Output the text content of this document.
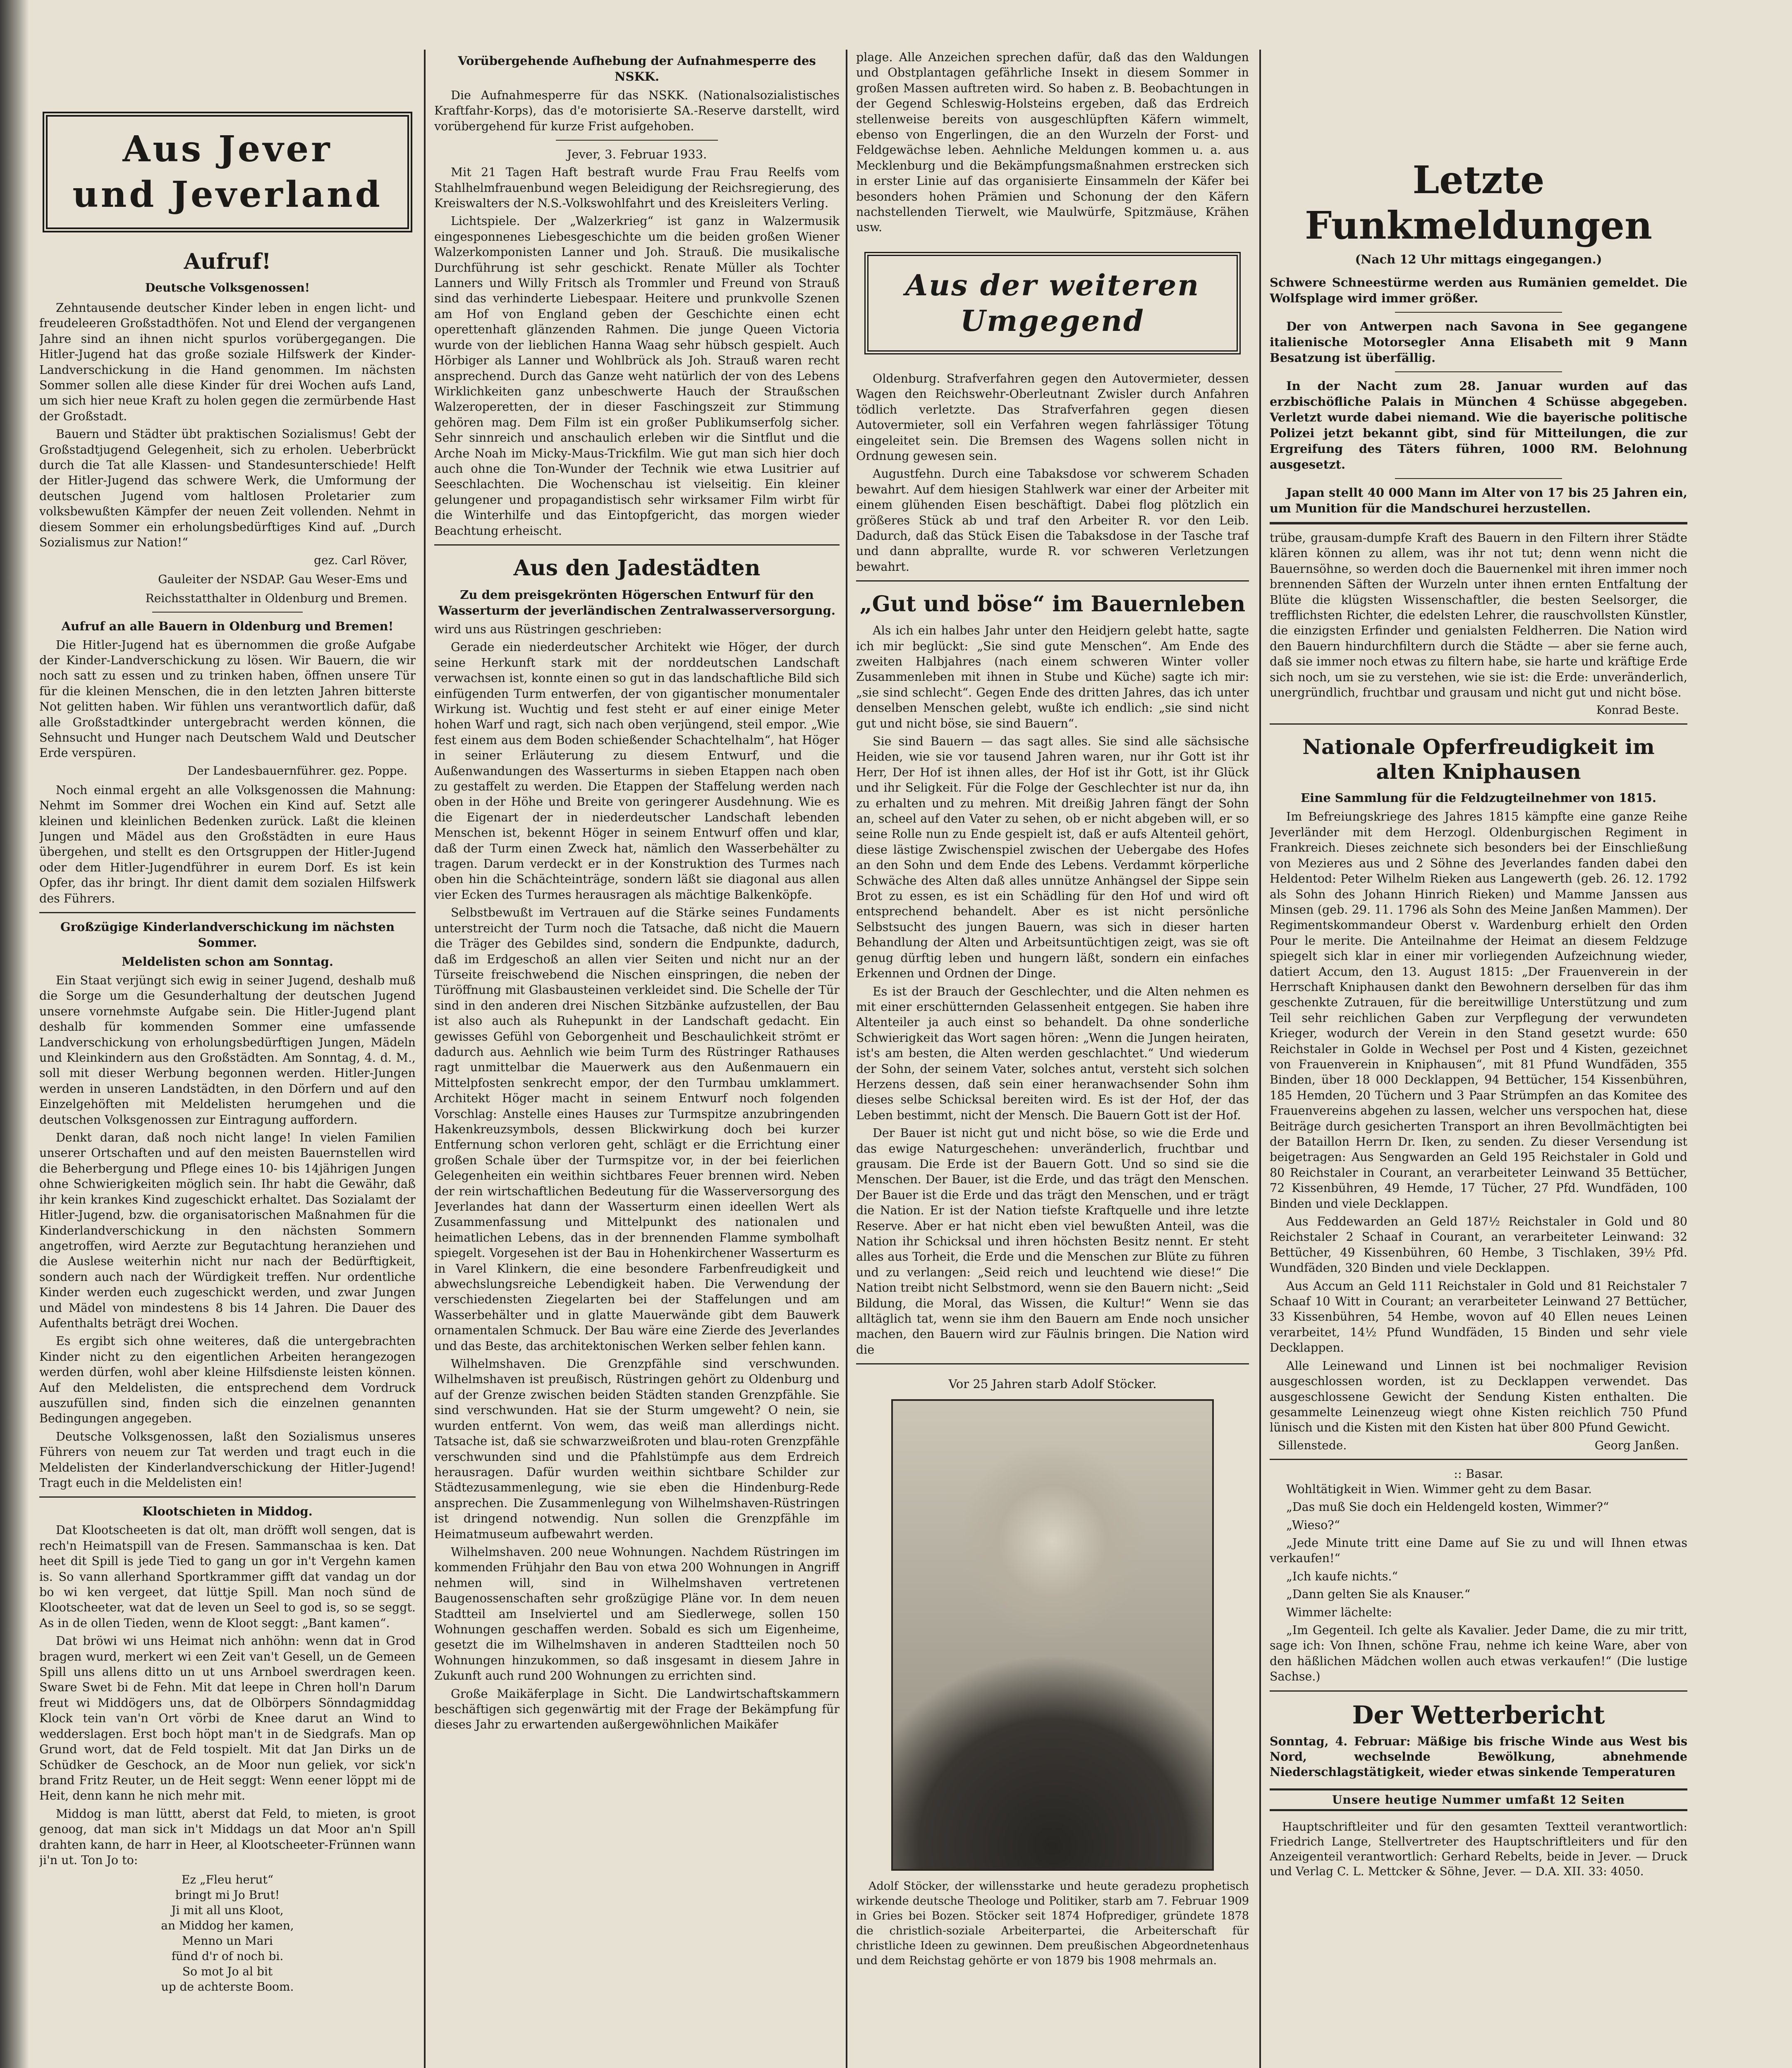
Aus Jever
und Jeverland
Aufruf!
Deutsche Volksgenossen!

Zehntausende deutscher Kinder leben in engen licht- und freudeleeren Großstadthöfen. Not und Elend der vergangenen Jahre sind an ihnen nicht spurlos vorübergegangen. Die Hitler-Jugend hat das große soziale Hilfswerk der Kinder-Landverschickung in die Hand genommen. Im nächsten Sommer sollen alle diese Kinder für drei Wochen aufs Land, um sich hier neue Kraft zu holen gegen die zermürbende Hast der Großstadt.

Bauern und Städter übt praktischen Sozialismus! Gebt der Großstadtjugend Gelegenheit, sich zu erholen. Ueberbrückt durch die Tat alle Klassen- und Standesunterschiede! Helft der Hitler-Jugend das schwere Werk, die Umformung der deutschen Jugend vom haltlosen Proletarier zum volksbewußten Kämpfer der neuen Zeit vollenden. Nehmt in diesem Sommer ein erholungsbedürftiges Kind auf. „Durch Sozialismus zur Nation!“

gez. Carl Röver,
Gauleiter der NSDAP. Gau Weser-Ems und
Reichsstatthalter in Oldenburg und Bremen.
Aufruf an alle Bauern in Oldenburg und Bremen!

Die Hitler-Jugend hat es übernommen die große Aufgabe der Kinder-Landverschickung zu lösen. Wir Bauern, die wir noch satt zu essen und zu trinken haben, öffnen unsere Tür für die kleinen Menschen, die in den letzten Jahren bitterste Not gelitten haben. Wir fühlen uns verantwortlich dafür, daß alle Großstadtkinder untergebracht werden können, die Sehnsucht und Hunger nach Deutschem Wald und Deutscher Erde verspüren.

Der Landesbauernführer. gez. Poppe.

Noch einmal ergeht an alle Volksgenossen die Mahnung: Nehmt im Sommer drei Wochen ein Kind auf. Setzt alle kleinen und kleinlichen Bedenken zurück. Laßt die kleinen Jungen und Mädel aus den Großstädten in eure Haus übergehen, und stellt es den Ortsgruppen der Hitler-Jugend oder dem Hitler-Jugendführer in eurem Dorf. Es ist kein Opfer, das ihr bringt. Ihr dient damit dem sozialen Hilfswerk des Führers.

Großzügige Kinderlandverschickung im nächsten Sommer.
Meldelisten schon am Sonntag.

Ein Staat verjüngt sich ewig in seiner Jugend, deshalb muß die Sorge um die Gesunderhaltung der deutschen Jugend unsere vornehmste Aufgabe sein. Die Hitler-Jugend plant deshalb für kommenden Sommer eine umfassende Landverschickung von erholungsbedürftigen Jungen, Mädeln und Kleinkindern aus den Großstädten. Am Sonntag, 4. d. M., soll mit dieser Werbung begonnen werden. Hitler-Jungen werden in unseren Landstädten, in den Dörfern und auf den Einzelgehöften mit Meldelisten herumgehen und die deutschen Volksgenossen zur Eintragung auffordern.

Denkt daran, daß noch nicht lange! In vielen Familien unserer Ortschaften und auf den meisten Bauernstellen wird die Beherbergung und Pflege eines 10- bis 14jährigen Jungen ohne Schwierigkeiten möglich sein. Ihr habt die Gewähr, daß ihr kein krankes Kind zugeschickt erhaltet. Das Sozialamt der Hitler-Jugend, bzw. die organisatorischen Maßnahmen für die Kinderlandverschickung in den nächsten Sommern angetroffen, wird Aerzte zur Begutachtung heranziehen und die Auslese weiterhin nicht nur nach der Bedürftigkeit, sondern auch nach der Würdigkeit treffen. Nur ordentliche Kinder werden euch zugeschickt werden, und zwar Jungen und Mädel von mindestens 8 bis 14 Jahren. Die Dauer des Aufenthalts beträgt drei Wochen.

Es ergibt sich ohne weiteres, daß die untergebrachten Kinder nicht zu den eigentlichen Arbeiten herangezogen werden dürfen, wohl aber kleine Hilfsdienste leisten können. Auf den Meldelisten, die entsprechend dem Vordruck auszufüllen sind, finden sich die einzelnen genannten Bedingungen angegeben.

Deutsche Volksgenossen, laßt den Sozialismus unseres Führers von neuem zur Tat werden und tragt euch in die Meldelisten der Kinderlandverschickung der Hitler-Jugend! Tragt euch in die Meldelisten ein!

Klootschieten in Middog.

Dat Klootscheeten is dat olt, man dröfft woll sengen, dat is rech'n Heimatspill van de Fresen. Sammanschaa is ken. Dat heet dit Spill is jede Tied to gang un gor in't Vergehn kamen is. So vann allerhand Sportkrammer gifft dat vandag un dor bo wi ken vergeet, dat lüttje Spill. Man noch sünd de Klootscheeter, wat dat de leven un Seel to god is, so se seggt. As in de ollen Tieden, wenn de Kloot seggt: „Bant kamen“.

Dat bröwi wi uns Heimat nich anhöhn: wenn dat in Grod bragen wurd, merkert wi een Zeit van't Gesell, un de Gemeen Spill uns allens ditto un ut uns Arnboel swerdragen keen. Sware Swet bi de Fehn. Mit dat leepe in Chren holl'n Darum freut wi Middögers uns, dat de Olbörpers Sönndagmiddag Klock tein van'n Ort vörbi de Knee darut an Wind to wedderslagen. Erst boch höpt man't in de Siedgrafs. Man op Grund wort, dat de Feld tospielt. Mit dat Jan Dirks un de Schüdker de Geschock, an de Moor nun geliek, vor sick'n brand Fritz Reuter, un de Heit seggt: Wenn eener löppt mi de Heit, denn kann he nich mehr mit.

Middog is man lüttt, aberst dat Feld, to mieten, is groot genoog, dat man sick in't Middags un dat Moor an'n Spill drahten kann, de harr in Heer, al Klootscheeter-Frünnen wann ji'n ut. Ton Jo to:

Ez „Fleu herut“
bringt mi Jo Brut!
Ji mit all uns Kloot,
an Middog her kamen,
Menno un Mari
fünd d'r of noch bi.
So mot Jo al bit
up de achterste Boom.
Vorübergehende Aufhebung der Aufnahmesperre des NSKK.

Die Aufnahmesperre für das NSKK. (Nationalsozialistisches Kraftfahr-Korps), das d'e motorisierte SA.-Reserve darstellt, wird vorübergehend für kurze Frist aufgehoben.

Jever, 3. Februar 1933.

Mit 21 Tagen Haft bestraft wurde Frau Frau Reelfs vom Stahlhelmfrauenbund wegen Beleidigung der Reichsregierung, des Kreiswalters der N.S.-Volkswohlfahrt und des Kreisleiters Verling.

Lichtspiele. Der „Walzerkrieg“ ist ganz in Walzermusik eingesponnenes Liebesgeschichte um die beiden großen Wiener Walzerkomponisten Lanner und Joh. Strauß. Die musikalische Durchführung ist sehr geschickt. Renate Müller als Tochter Lanners und Willy Fritsch als Trommler und Freund von Strauß sind das verhinderte Liebespaar. Heitere und prunkvolle Szenen am Hof von England geben der Geschichte einen echt operettenhaft glänzenden Rahmen. Die junge Queen Victoria wurde von der lieblichen Hanna Waag sehr hübsch gespielt. Auch Hörbiger als Lanner und Wohlbrück als Joh. Strauß waren recht ansprechend. Durch das Ganze weht natürlich der von des Lebens Wirklichkeiten ganz unbeschwerte Hauch der Straußschen Walzeroperetten, der in dieser Faschingszeit zur Stimmung gehören mag. Dem Film ist ein großer Publikumserfolg sicher. Sehr sinnreich und anschaulich erleben wir die Sintflut und die Arche Noah im Micky-Maus-Trickfilm. Wie gut man sich hier doch auch ohne die Ton-Wunder der Technik wie etwa Lusitrier auf Seeschlachten. Die Wochenschau ist vielseitig. Ein kleiner gelungener und propagandistisch sehr wirksamer Film wirbt für die Winterhilfe und das Eintopfgericht, das morgen wieder Beachtung erheischt.

Aus den Jadestädten
Zu dem preisgekrönten Högerschen Entwurf für den Wasserturm der jeverländischen Zentralwasserversorgung.

wird uns aus Rüstringen geschrieben:

Gerade ein niederdeutscher Architekt wie Höger, der durch seine Herkunft stark mit der norddeutschen Landschaft verwachsen ist, konnte einen so gut in das landschaftliche Bild sich einfügenden Turm entwerfen, der von gigantischer monumentaler Wirkung ist. Wuchtig und fest steht er auf einer einige Meter hohen Warf und ragt, sich nach oben verjüngend, steil empor. „Wie fest einem aus dem Boden schießender Schachtelhalm“, hat Höger in seiner Erläuterung zu diesem Entwurf, und die Außenwandungen des Wasserturms in sieben Etappen nach oben zu gestaffelt zu werden. Die Etappen der Staffelung werden nach oben in der Höhe und Breite von geringerer Ausdehnung. Wie es die Eigenart der in niederdeutscher Landschaft lebenden Menschen ist, bekennt Höger in seinem Entwurf offen und klar, daß der Turm einen Zweck hat, nämlich den Wasserbehälter zu tragen. Darum verdeckt er in der Konstruktion des Turmes nach oben hin die Schächteinträge, sondern läßt sie diagonal aus allen vier Ecken des Turmes herausragen als mächtige Balkenköpfe.

Selbstbewußt im Vertrauen auf die Stärke seines Fundaments unterstreicht der Turm noch die Tatsache, daß nicht die Mauern die Träger des Gebildes sind, sondern die Endpunkte, dadurch, daß im Erdgeschoß an allen vier Seiten und nicht nur an der Türseite freischwebend die Nischen einspringen, die neben der Türöffnung mit Glasbausteinen verkleidet sind. Die Schelle der Tür sind in den anderen drei Nischen Sitzbänke aufzustellen, der Bau ist also auch als Ruhepunkt in der Landschaft gedacht. Ein gewisses Gefühl von Geborgenheit und Beschaulichkeit strömt er dadurch aus. Aehnlich wie beim Turm des Rüstringer Rathauses ragt unmittelbar die Mauerwerk aus den Außenmauern ein Mittelpfosten senkrecht empor, der den Turmbau umklammert. Architekt Höger macht in seinem Entwurf noch folgenden Vorschlag: Anstelle eines Hauses zur Turmspitze anzubringenden Hakenkreuzsymbols, dessen Blickwirkung doch bei kurzer Entfernung schon verloren geht, schlägt er die Errichtung einer großen Schale über der Turmspitze vor, in der bei feierlichen Gelegenheiten ein weithin sichtbares Feuer brennen wird. Neben der rein wirtschaftlichen Bedeutung für die Wasserversorgung des Jeverlandes hat dann der Wasserturm einen ideellen Wert als Zusammenfassung und Mittelpunkt des nationalen und heimatlichen Lebens, das in der brennenden Flamme symbolhaft spiegelt. Vorgesehen ist der Bau in Hohenkirchener Wasserturm es in Varel Klinkern, die eine besondere Farbenfreudigkeit und abwechslungsreiche Lebendigkeit haben. Die Verwendung der verschiedensten Ziegelarten bei der Staffelungen und am Wasserbehälter und in glatte Mauerwände gibt dem Bauwerk ornamentalen Schmuck. Der Bau wäre eine Zierde des Jeverlandes und das Beste, das architektonischen Werken selber fehlen kann.

Wilhelmshaven. Die Grenzpfähle sind verschwunden. Wilhelmshaven ist preußisch, Rüstringen gehört zu Oldenburg und auf der Grenze zwischen beiden Städten standen Grenzpfähle. Sie sind verschwunden. Hat sie der Sturm umgeweht? O nein, sie wurden entfernt. Von wem, das weiß man allerdings nicht. Tatsache ist, daß sie schwarzweißroten und blau-roten Grenzpfähle verschwunden sind und die Pfahlstümpfe aus dem Erdreich herausragen. Dafür wurden weithin sichtbare Schilder zur Städtezusammenlegung, wie sie eben die Hindenburg-Rede ansprechen. Die Zusammenlegung von Wilhelmshaven-Rüstringen ist dringend notwendig. Nun sollen die Grenzpfähle im Heimatmuseum aufbewahrt werden.

Wilhelmshaven. 200 neue Wohnungen. Nachdem Rüstringen im kommenden Frühjahr den Bau von etwa 200 Wohnungen in Angriff nehmen will, sind in Wilhelmshaven vertretenen Baugenossenschaften sehr großzügige Pläne vor. In dem neuen Stadtteil am Inselviertel und am Siedlerwege, sollen 150 Wohnungen geschaffen werden. Sobald es sich um Eigenheime, gesetzt die im Wilhelmshaven in anderen Stadtteilen noch 50 Wohnungen hinzukommen, so daß insgesamt in diesem Jahre in Zukunft auch rund 200 Wohnungen zu errichten sind.

Große Maikäferplage in Sicht. Die Landwirtschaftskammern beschäftigen sich gegenwärtig mit der Frage der Bekämpfung für dieses Jahr zu erwartenden außergewöhnlichen Maikäfer

plage. Alle Anzeichen sprechen dafür, daß das den Waldungen und Obstplantagen gefährliche Insekt in diesem Sommer in großen Massen auftreten wird. So haben z. B. Beobachtungen in der Gegend Schleswig-Holsteins ergeben, daß das Erdreich stellenweise bereits von ausgeschlüpften Käfern wimmelt, ebenso von Engerlingen, die an den Wurzeln der Forst- und Feldgewächse leben. Aehnliche Meldungen kommen u. a. aus Mecklenburg und die Bekämpfungsmaßnahmen erstrecken sich in erster Linie auf das organisierte Einsammeln der Käfer bei besonders hohen Prämien und Schonung der den Käfern nachstellenden Tierwelt, wie Maulwürfe, Spitzmäuse, Krähen usw.

Aus der weiteren
Umgegend

Oldenburg. Strafverfahren gegen den Autovermieter, dessen Wagen den Reichswehr-Oberleutnant Zwisler durch Anfahren tödlich verletzte. Das Strafverfahren gegen diesen Autovermieter, soll ein Verfahren wegen fahrlässiger Tötung eingeleitet sein. Die Bremsen des Wagens sollen nicht in Ordnung gewesen sein.

Augustfehn. Durch eine Tabaksdose vor schwerem Schaden bewahrt. Auf dem hiesigen Stahlwerk war einer der Arbeiter mit einem glühenden Eisen beschäftigt. Dabei flog plötzlich ein größeres Stück ab und traf den Arbeiter R. vor den Leib. Dadurch, daß das Stück Eisen die Tabaksdose in der Tasche traf und dann abprallte, wurde R. vor schweren Verletzungen bewahrt.

„Gut und böse“ im Bauernleben

Als ich ein halbes Jahr unter den Heidjern gelebt hatte, sagte ich mir beglückt: „Sie sind gute Menschen“. Am Ende des zweiten Halbjahres (nach einem schweren Winter voller Zusammenleben mit ihnen in Stube und Küche) sagte ich mir: „sie sind schlecht“. Gegen Ende des dritten Jahres, das ich unter denselben Menschen gelebt, wußte ich endlich: „sie sind nicht gut und nicht böse, sie sind Bauern“.

Sie sind Bauern — das sagt alles. Sie sind alle sächsische Heiden, wie sie vor tausend Jahren waren, nur ihr Gott ist ihr Herr, Der Hof ist ihnen alles, der Hof ist ihr Gott, ist ihr Glück und ihr Seligkeit. Für die Folge der Geschlechter ist nur da, ihn zu erhalten und zu mehren. Mit dreißig Jahren fängt der Sohn an, scheel auf den Vater zu sehen, ob er nicht abgeben will, er so seine Rolle nun zu Ende gespielt ist, daß er aufs Altenteil gehört, diese lästige Zwischenspiel zwischen der Uebergabe des Hofes an den Sohn und dem Ende des Lebens. Verdammt körperliche Schwäche des Alten daß alles unnütze Anhängsel der Sippe sein Brot zu essen, es ist ein Schädling für den Hof und wird oft entsprechend behandelt. Aber es ist nicht persönliche Selbstsucht des jungen Bauern, was sich in dieser harten Behandlung der Alten und Arbeitsuntüchtigen zeigt, was sie oft genug dürftig leben und hungern läßt, sondern ein einfaches Erkennen und Ordnen der Dinge.

Es ist der Brauch der Geschlechter, und die Alten nehmen es mit einer erschütternden Gelassenheit entgegen. Sie haben ihre Altenteiler ja auch einst so behandelt. Da ohne sonderliche Schwierigkeit das Wort sagen hören: „Wenn die Jungen heiraten, ist's am besten, die Alten werden geschlachtet.“ Und wiederum der Sohn, der seinem Vater, solches antut, versteht sich solchen Herzens dessen, daß sein einer heranwachsender Sohn ihm dieses selbe Schicksal bereiten wird. Es ist der Hof, der das Leben bestimmt, nicht der Mensch. Die Bauern Gott ist der Hof.

Der Bauer ist nicht gut und nicht böse, so wie die Erde und das ewige Naturgeschehen: unveränderlich, fruchtbar und grausam. Die Erde ist der Bauern Gott. Und so sind sie die Menschen. Der Bauer, ist die Erde, und das trägt den Menschen. Der Bauer ist die Erde und das trägt den Menschen, und er trägt die Nation. Er ist der Nation tiefste Kraftquelle und ihre letzte Reserve. Aber er hat nicht eben viel bewußten Anteil, was die Nation ihr Schicksal und ihren höchsten Besitz nennt. Er steht alles aus Torheit, die Erde und die Menschen zur Blüte zu führen und zu verlangen: „Seid reich und leuchtend wie diese!“ Die Nation treibt nicht Selbstmord, wenn sie den Bauern nicht: „Seid Bildung, die Moral, das Wissen, die Kultur!“ Wenn sie das alltäglich tat, wenn sie ihm den Bauern am Ende noch unsicher machen, den Bauern wird zur Fäulnis bringen. Die Nation wird die

Vor 25 Jahren starb Adolf Stöcker.

Adolf Stöcker, der willensstarke und heute geradezu prophetisch wirkende deutsche Theologe und Politiker, starb am 7. Februar 1909 in Gries bei Bozen. Stöcker seit 1874 Hofprediger, gründete 1878 die christlich-soziale Arbeiterpartei, die Arbeiterschaft für christliche Ideen zu gewinnen. Dem preußischen Abgeordnetenhaus und dem Reichstag gehörte er von 1879 bis 1908 mehrmals an.

Letzte Funkmeldungen
(Nach 12 Uhr mittags eingegangen.)

Schwere Schneestürme werden aus Rumänien gemeldet. Die Wolfsplage wird immer größer.

Der von Antwerpen nach Savona in See gegangene italienische Motorsegler Anna Elisabeth mit 9 Mann Besatzung ist überfällig.

In der Nacht zum 28. Januar wurden auf das erzbischöfliche Palais in München 4 Schüsse abgegeben. Verletzt wurde dabei niemand. Wie die bayerische politische Polizei jetzt bekannt gibt, sind für Mitteilungen, die zur Ergreifung des Täters führen, 1000 RM. Belohnung ausgesetzt.

Japan stellt 40 000 Mann im Alter von 17 bis 25 Jahren ein, um Munition für die Mandschurei herzustellen.

trübe, grausam-dumpfe Kraft des Bauern in den Filtern ihrer Städte klären können zu allem, was ihr not tut; denn wenn nicht die Bauernsöhne, so werden doch die Bauernenkel mit ihren immer noch brennenden Säften der Wurzeln unter ihnen ernten Entfaltung der Blüte die klügsten Wissenschaftler, die besten Seelsorger, die trefflichsten Richter, die edelsten Lehrer, die rauschvollsten Künstler, die einzigsten Erfinder und genialsten Feldherren. Die Nation wird den Bauern hindurchfiltern durch die Städte — aber sie ferne auch, daß sie immer noch etwas zu filtern habe, sie harte und kräftige Erde sich noch, um sie zu verstehen, wie sie ist: die Erde: unveränderlich, unergründlich, fruchtbar und grausam und nicht gut und nicht böse.

Konrad Beste.
Nationale Opferfreudigkeit im alten Kniphausen
Eine Sammlung für die Feldzugteilnehmer von 1815.

Im Befreiungskriege des Jahres 1815 kämpfte eine ganze Reihe Jeverländer mit dem Herzogl. Oldenburgischen Regiment in Frankreich. Dieses zeichnete sich besonders bei der Einschließung von Mezieres aus und 2 Söhne des Jeverlandes fanden dabei den Heldentod: Peter Wilhelm Rieken aus Langewerth (geb. 26. 12. 1792 als Sohn des Johann Hinrich Rieken) und Mamme Janssen aus Minsen (geb. 29. 11. 1796 als Sohn des Meine Janßen Mammen). Der Regimentskommandeur Oberst v. Wardenburg erhielt den Orden Pour le merite. Die Anteilnahme der Heimat an diesem Feldzuge spiegelt sich klar in einer mir vorliegenden Aufzeichnung wieder, datiert Accum, den 13. August 1815: „Der Frauenverein in der Herrschaft Kniphausen dankt den Bewohnern derselben für das ihm geschenkte Zutrauen, für die bereitwillige Unterstützung und zum Teil sehr reichlichen Gaben zur Verpflegung der verwundeten Krieger, wodurch der Verein in den Stand gesetzt wurde: 650 Reichstaler in Golde in Wechsel per Post und 4 Kisten, gezeichnet von Frauenverein in Kniphausen“, mit 81 Pfund Wundfäden, 355 Binden, über 18 000 Decklappen, 94 Bettücher, 154 Kissenbühren, 185 Hemden, 20 Tüchern und 3 Paar Strümpfen an das Komitee des Frauenvereins abgehen zu lassen, welcher uns verspochen hat, diese Beiträge durch gesicherten Transport an ihren Bevollmächtigten bei der Bataillon Herrn Dr. Iken, zu senden. Zu dieser Versendung ist beigetragen: Aus Sengwarden an Geld 195 Reichstaler in Gold und 80 Reichstaler in Courant, an verarbeiteter Leinwand 35 Bettücher, 72 Kissenbühren, 49 Hemde, 17 Tücher, 27 Pfd. Wundfäden, 100 Binden und viele Decklappen.

Aus Feddewarden an Geld 187½ Reichstaler in Gold und 80 Reichstaler 2 Schaaf in Courant, an verarbeiteter Leinwand: 32 Bettücher, 49 Kissenbühren, 60 Hembe, 3 Tischlaken, 39½ Pfd. Wundfäden, 320 Binden und viele Decklappen.

Aus Accum an Geld 111 Reichstaler in Gold und 81 Reichstaler 7 Schaaf 10 Witt in Courant; an verarbeiteter Leinwand 27 Bettücher, 33 Kissenbühren, 54 Hembe, wovon auf 40 Ellen neues Leinen verarbeitet, 14½ Pfund Wundfäden, 15 Binden und sehr viele Decklappen.

Alle Leinewand und Linnen ist bei nochmaliger Revision ausgeschlossen worden, ist zu Decklappen verwendet. Das ausgeschlossene Gewicht der Sendung Kisten enthalten. Die gesammelte Leinenzeug wiegt ohne Kisten reichlich 750 Pfund lünisch und die Kisten mit den Kisten hat über 800 Pfund Gewicht.

Sillenstede.	Georg Janßen.
:: Basar.

Wohltätigkeit in Wien. Wimmer geht zu dem Basar.

„Das muß Sie doch ein Heldengeld kosten, Wimmer?“

„Wieso?“

„Jede Minute tritt eine Dame auf Sie zu und will Ihnen etwas verkaufen!“

„Ich kaufe nichts.“

„Dann gelten Sie als Knauser.“

Wimmer lächelte:

„Im Gegenteil. Ich gelte als Kavalier. Jeder Dame, die zu mir tritt, sage ich: Von Ihnen, schöne Frau, nehme ich keine Ware, aber von den häßlichen Mädchen wollen auch etwas verkaufen!“ (Die lustige Sachse.)

Der Wetterbericht

Sonntag, 4. Februar: Mäßige bis frische Winde aus West bis Nord, wechselnde Bewölkung, abnehmende Niederschlagstätigkeit, wieder etwas sinkende Temperaturen

Unsere heutige Nummer umfaßt 12 Seiten

Hauptschriftleiter und für den gesamten Textteil verantwortlich: Friedrich Lange, Stellvertreter des Hauptschriftleiters und für den Anzeigenteil verantwortlich: Gerhard Rebelts, beide in Jever. — Druck und Verlag C. L. Mettcker & Söhne, Jever. — D.A. XII. 33: 4050.
